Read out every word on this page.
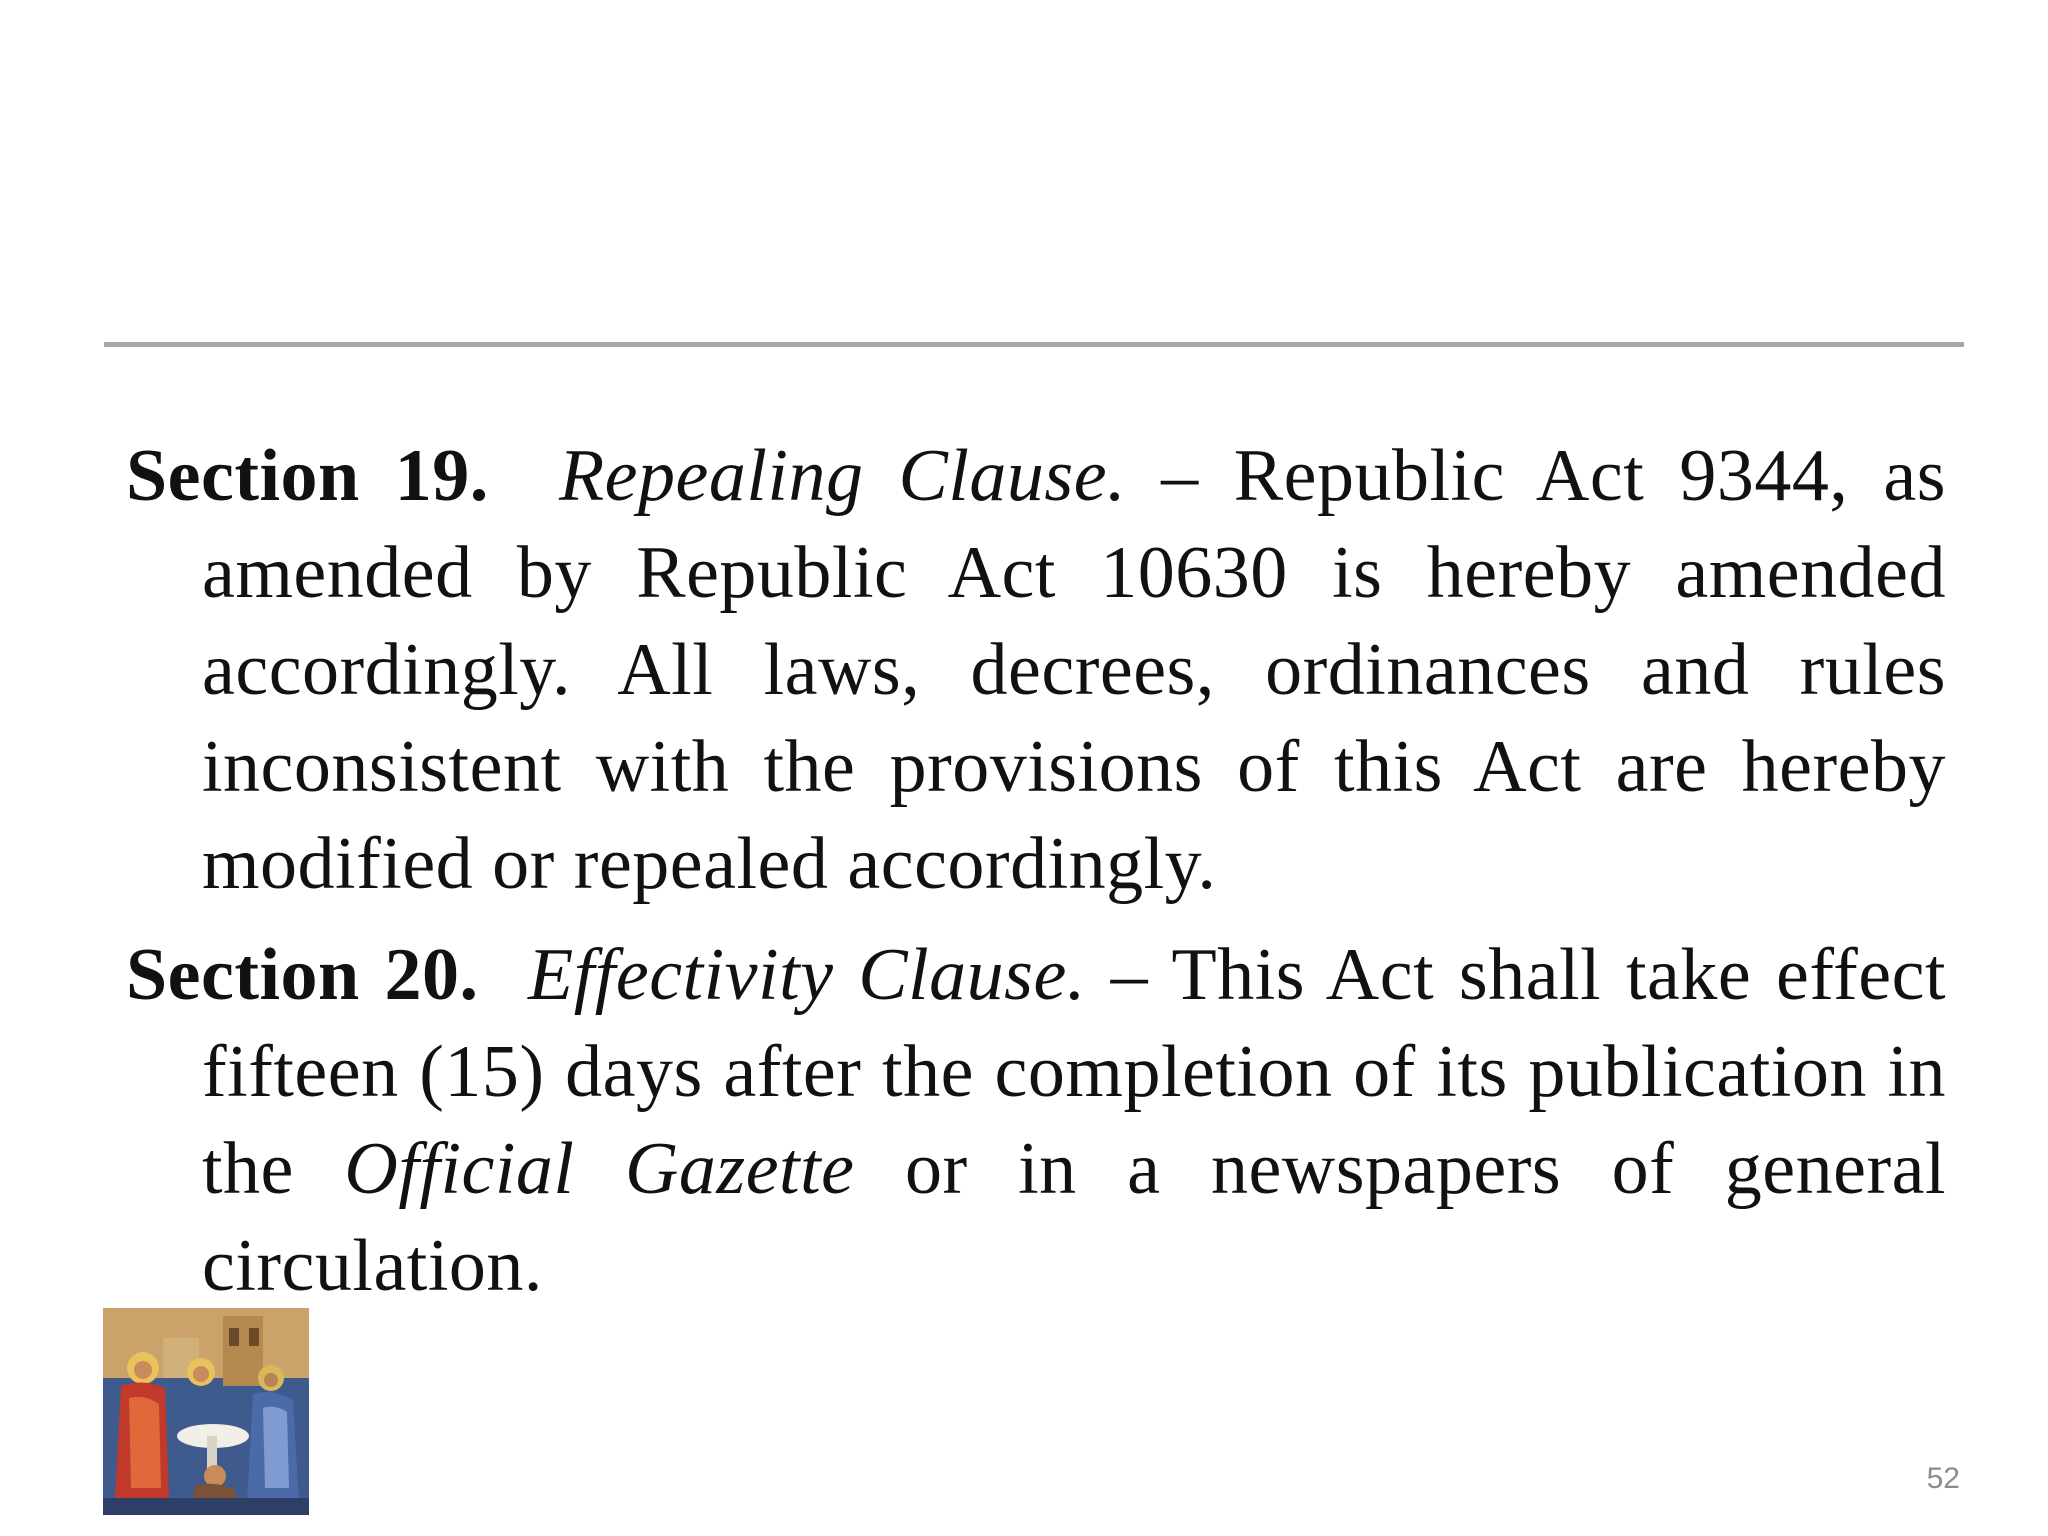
Section 19. Repealing Clause. – Republic Act 9344, as amended by Republic Act 10630 is hereby amended accordingly. All laws, decrees, ordinances and rules inconsistent with the provisions of this Act are hereby modified or repealed accordingly.

Section 20. Effectivity Clause. – This Act shall take effect fifteen (15) days after the completion of its publication in the Official Gazette or in a newspapers of general circulation.

52
